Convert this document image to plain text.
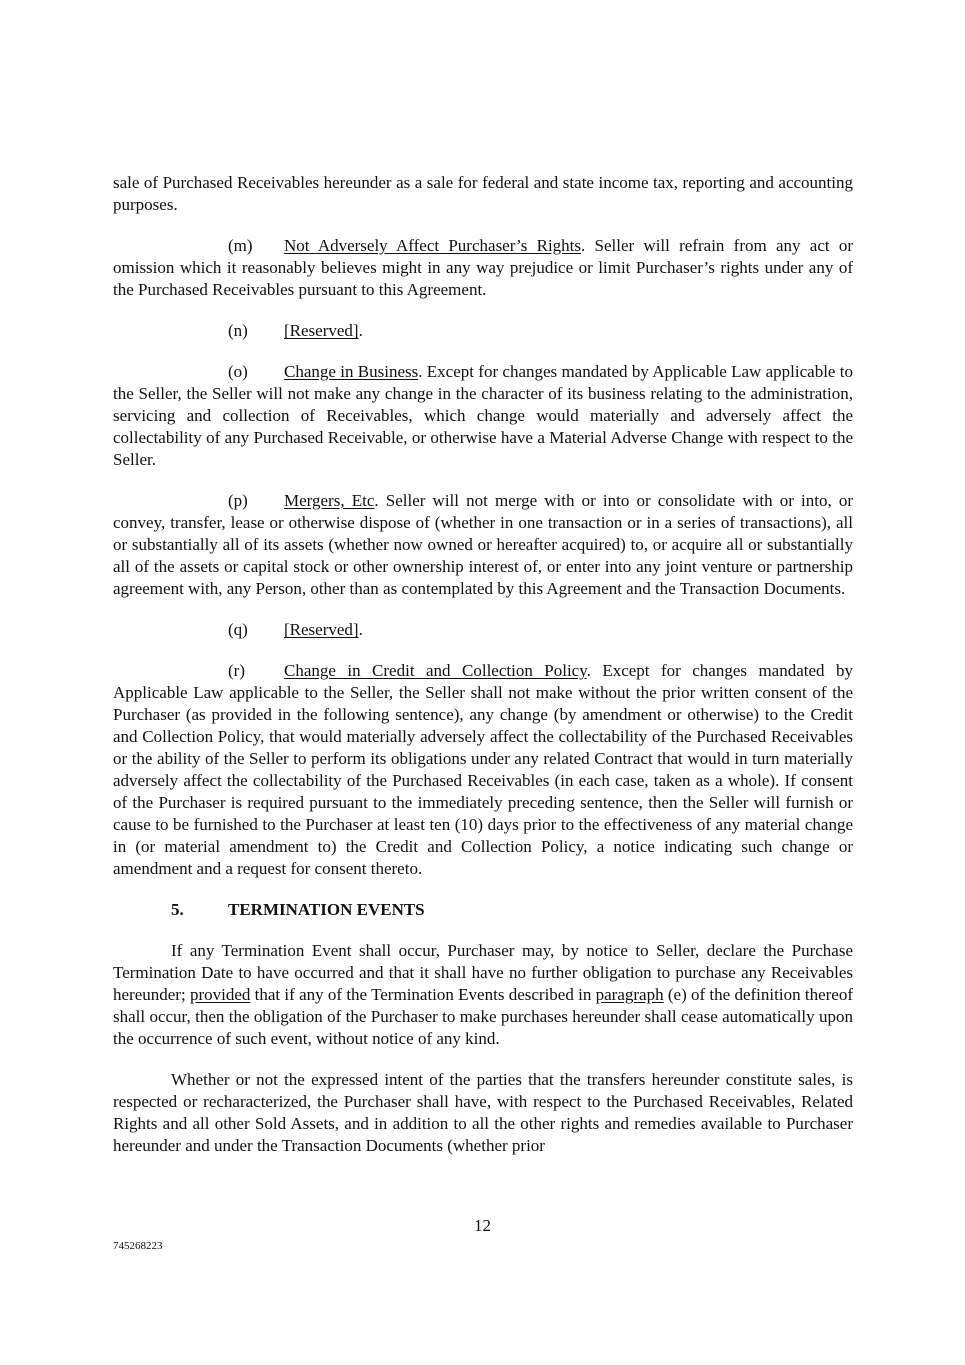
sale of Purchased Receivables hereunder as a sale for federal and state income tax, reporting and accounting purposes.

(m) Not Adversely Affect Purchaser’s Rights. Seller will refrain from any act or omission which it reasonably believes might in any way prejudice or limit Purchaser’s rights under any of the Purchased Receivables pursuant to this Agreement.

(n) [Reserved].

(o) Change in Business. Except for changes mandated by Applicable Law applicable to the Seller, the Seller will not make any change in the character of its business relating to the administration, servicing and collection of Receivables, which change would materially and adversely affect the collectability of any Purchased Receivable, or otherwise have a Material Adverse Change with respect to the Seller.

(p) Mergers, Etc. Seller will not merge with or into or consolidate with or into, or convey, transfer, lease or otherwise dispose of (whether in one transaction or in a series of transactions), all or substantially all of its assets (whether now owned or hereafter acquired) to, or acquire all or substantially all of the assets or capital stock or other ownership interest of, or enter into any joint venture or partnership agreement with, any Person, other than as contemplated by this Agreement and the Transaction Documents.

(q) [Reserved].

(r) Change in Credit and Collection Policy. Except for changes mandated by Applicable Law applicable to the Seller, the Seller shall not make without the prior written consent of the Purchaser (as provided in the following sentence), any change (by amendment or otherwise) to the Credit and Collection Policy, that would materially adversely affect the collectability of the Purchased Receivables or the ability of the Seller to perform its obligations under any related Contract that would in turn materially adversely affect the collectability of the Purchased Receivables (in each case, taken as a whole). If consent of the Purchaser is required pursuant to the immediately preceding sentence, then the Seller will furnish or cause to be furnished to the Purchaser at least ten (10) days prior to the effectiveness of any material change in (or material amendment to) the Credit and Collection Policy, a notice indicating such change or amendment and a request for consent thereto.

5.	TERMINATION EVENTS

If any Termination Event shall occur, Purchaser may, by notice to Seller, declare the Purchase Termination Date to have occurred and that it shall have no further obligation to purchase any Receivables hereunder; provided that if any of the Termination Events described in paragraph (e) of the definition thereof shall occur, then the obligation of the Purchaser to make purchases hereunder shall cease automatically upon the occurrence of such event, without notice of any kind.

Whether or not the expressed intent of the parties that the transfers hereunder constitute sales, is respected or recharacterized, the Purchaser shall have, with respect to the Purchased Receivables, Related Rights and all other Sold Assets, and in addition to all the other rights and remedies available to Purchaser hereunder and under the Transaction Documents (whether prior

12
745268223
